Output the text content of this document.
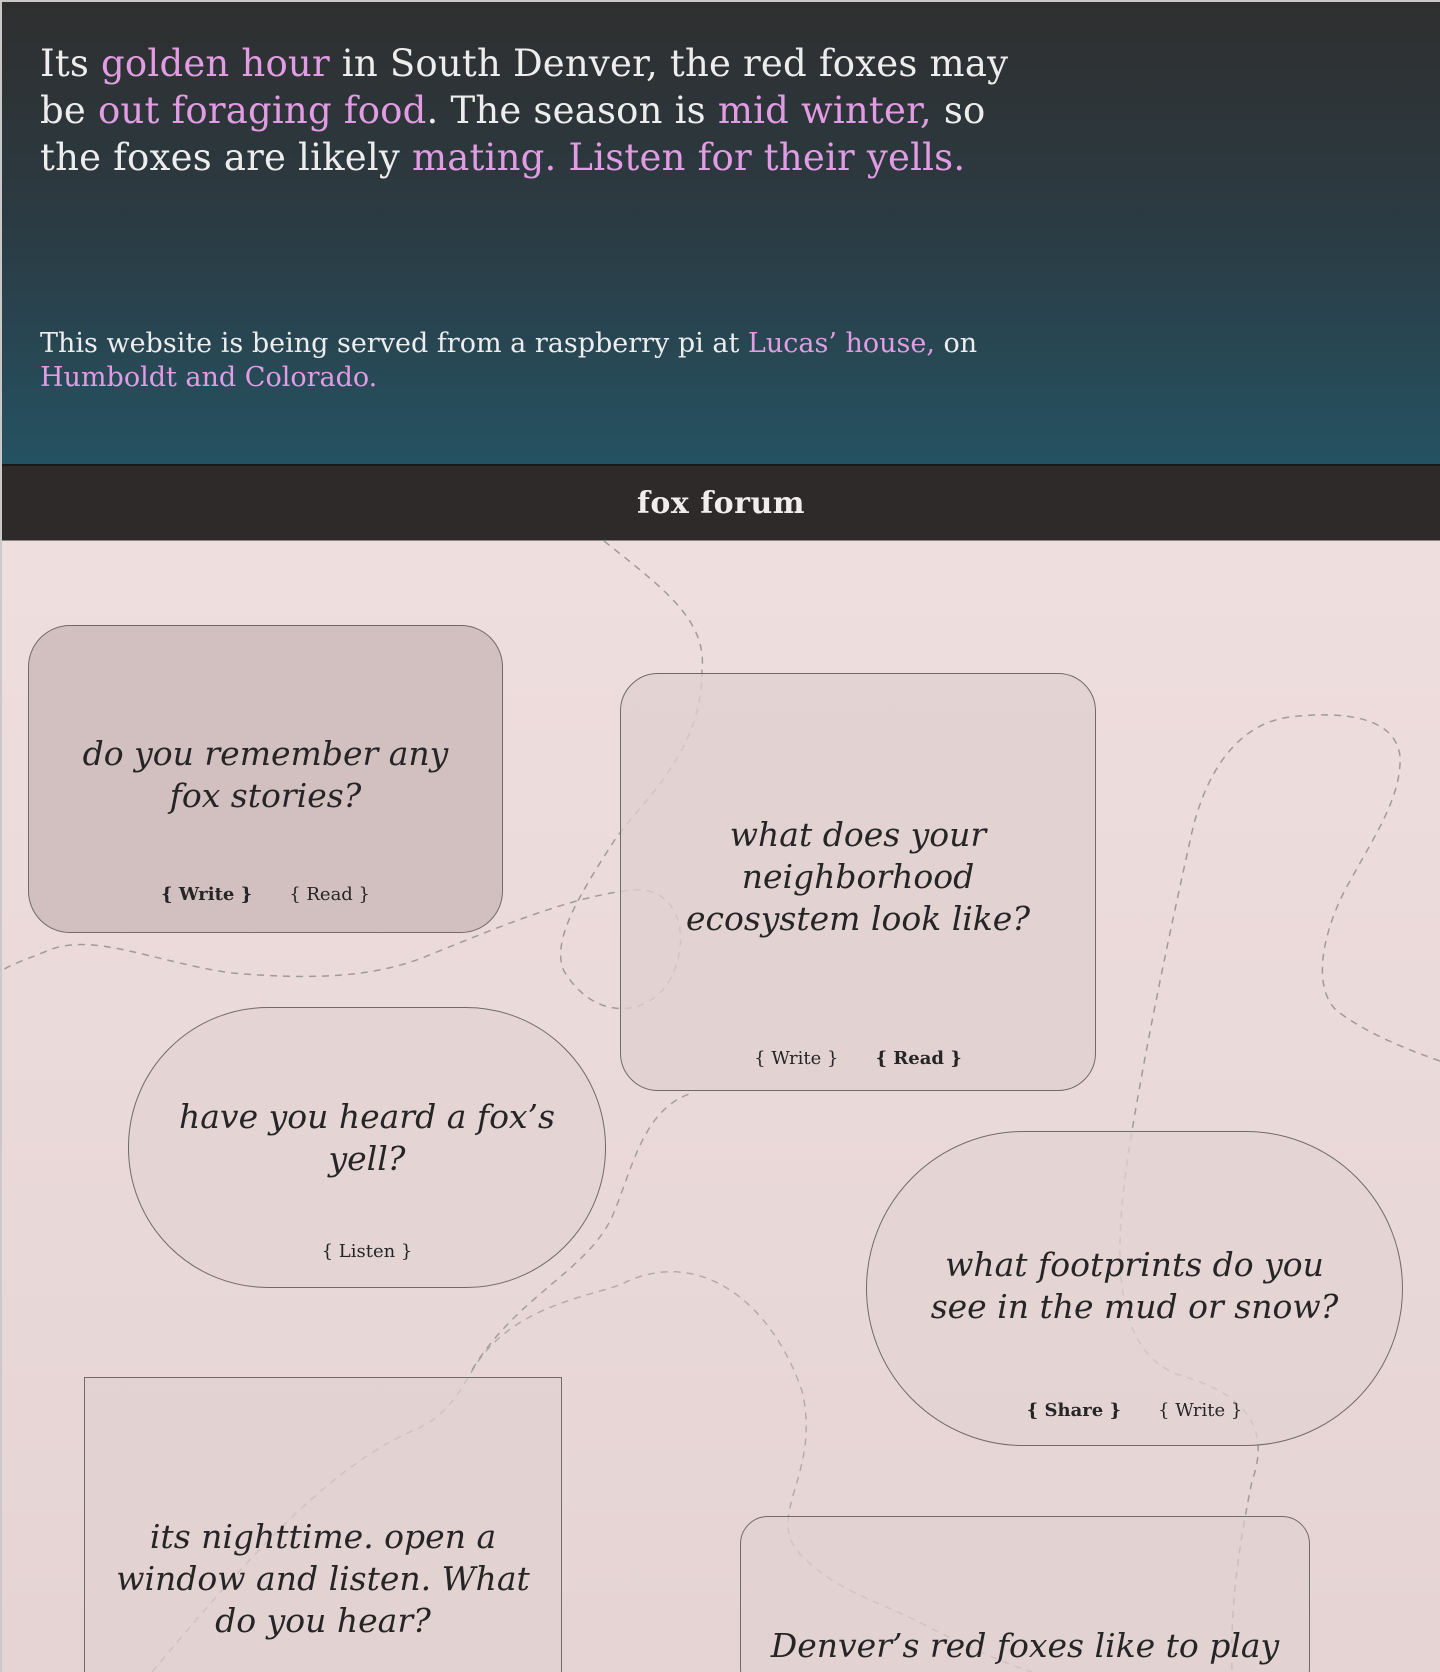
Its golden hour in South Denver, the red foxes may be out foraging food. The season is mid winter, so the foxes are likely mating. Listen for their yells.

This website is being served from a raspberry pi at Lucas’ house, on Humboldt and Colorado.

fox forum
do you remember any fox stories?
{ Write } { Read }
what does your neighborhood ecosystem look like?
{ Write } { Read }
have you heard a fox’s yell?
{ Listen }	what footprints do you see in the mud or snow?
{ Share } { Write }
its nighttime. open a window and listen. What do you hear?
Denver’s red foxes like to play
